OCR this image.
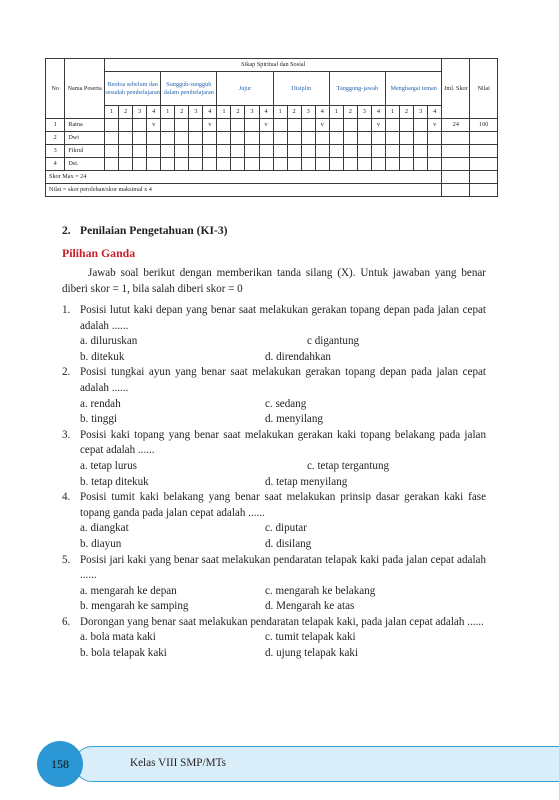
No	Nama Peserta	Sikap Spiritual dan Sosial																								Jml. Skor	Nilai
		Berdoa sebelum dan sesudah pembelajaran				Sungguh-sungguh dalam pembelajaran				Jujur				Disiplin				Tanggung-jawab				Menghargai teman					
		1	2	3	4	1	2	3	4	1	2	3	4	1	2	3	4	1	2	3	4	1	2	3	4		
1	Ratna				v				v				v				v				v				v	24	100
2	Dwi																										
3	Fikrul																										
4	Dst.																										
Skor Max = 24																											
Nilai = skor perolehan/skor maksimal x 4																											
2. Penilaian Pengetahuan (KI-3)
Pilihan Ganda
Jawab soal berikut dengan memberikan tanda silang (X). Untuk jawaban yang benar diberi skor = 1, bila salah diberi skor = 0
1. Posisi lutut kaki depan yang benar saat melakukan gerakan topang depan pada jalan cepat adalah ......
a. diluruskan	c digantung
b. ditekuk	d. direndahkan
2. Posisi tungkai ayun yang benar saat melakukan gerakan topang depan pada jalan cepat adalah ......
a. rendah	c. sedang
b. tinggi	d. menyilang
3. Posisi kaki topang yang benar saat melakukan gerakan kaki topang belakang pada jalan cepat adalah ......
a. tetap lurus	c. tetap tergantung
b. tetap ditekuk	d. tetap menyilang
4. Posisi tumit kaki belakang yang benar saat melakukan prinsip dasar gerakan kaki fase topang ganda pada jalan cepat adalah ......
a. diangkat	c. diputar
b. diayun	d. disilang
5. Posisi jari kaki yang benar saat melakukan pendaratan telapak kaki pada jalan cepat adalah ......
a. mengarah ke depan	c. mengarah ke belakang
b. mengarah ke samping	d. Mengarah ke atas
6. Dorongan yang benar saat melakukan pendaratan telapak kaki, pada jalan cepat adalah ......
a. bola mata kaki	c. tumit telapak kaki
b. bola telapak kaki	d. ujung telapak kaki
Kelas VIII SMP/MTs
158
